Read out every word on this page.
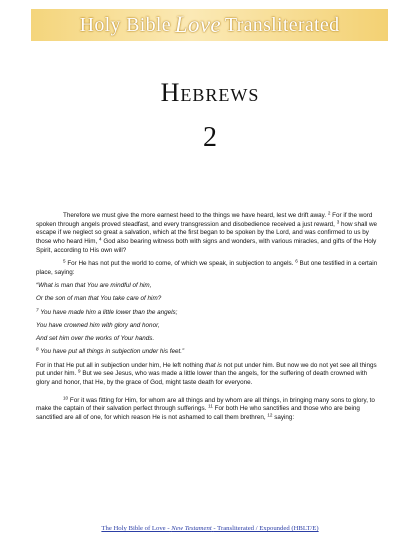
Holy Bible Love Transliterated
Hebrews
2

Therefore we must give the more earnest heed to the things we have heard, lest we drift away. $^2$ For if the word spoken through angels proved steadfast, and every transgression and disobedience received a just reward, $^3$ how shall we escape if we neglect so great a salvation, which at the first began to be spoken by the Lord, and was confirmed to us by those who heard Him, $^4$ God also bearing witness both with signs and wonders, with various miracles, and gifts of the Holy Spirit, according to His own will?

$^5$ For He has not put the world to come, of which we speak, in subjection to angels. $^6$ But one testified in a certain place, saying:

“What is man that You are mindful of him,

Or the son of man that You take care of him?

$^7$ You have made him a little lower than the angels;

You have crowned him with glory and honor,

And set him over the works of Your hands.

$^8$ You have put all things in subjection under his feet.”

For in that He put all in subjection under him, He left nothing that is not put under him. But now we do not yet see all things put under him. $^9$ But we see Jesus, who was made a little lower than the angels, for the suffering of death crowned with glory and honor, that He, by the grace of God, might taste death for everyone.

$^{10}$ For it was fitting for Him, for whom are all things and by whom are all things, in bringing many sons to glory, to make the captain of their salvation perfect through sufferings. $^{11}$ For both He who sanctifies and those who are being sanctified are all of one, for which reason He is not ashamed to call them brethren, $^{12}$ saying:

The Holy Bible of Love - New Testament - Transliterated / Expounded (HBLT/E)
